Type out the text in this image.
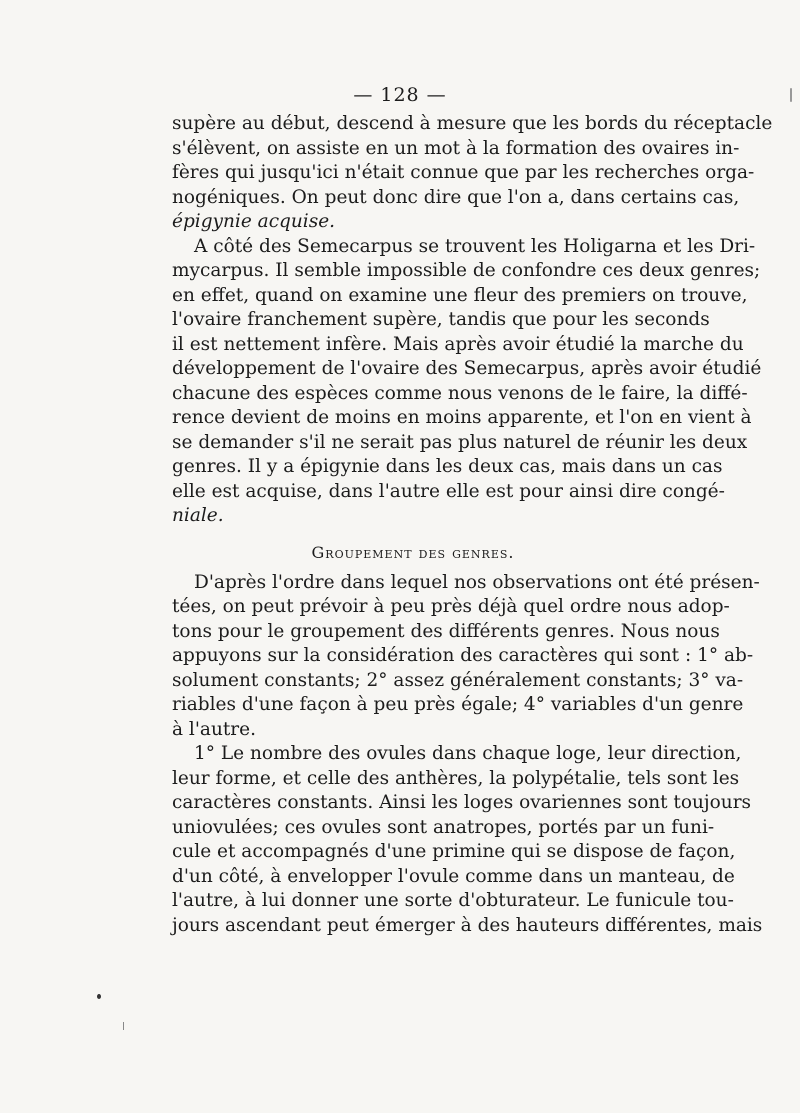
— 128 —
supère au début, descend à mesure que les bords du réceptacle
s'élèvent, on assiste en un mot à la formation des ovaires in-
fères qui jusqu'ici n'était connue que par les recherches orga-
nogéniques. On peut donc dire que l'on a, dans certains cas,
épigynie acquise.
A côté des Semecarpus se trouvent les Holigarna et les Dri-
mycarpus. Il semble impossible de confondre ces deux genres;
en effet, quand on examine une fleur des premiers on trouve,
l'ovaire franchement supère, tandis que pour les seconds
il est nettement infère. Mais après avoir étudié la marche du
développement de l'ovaire des Semecarpus, après avoir étudié
chacune des espèces comme nous venons de le faire, la diffé-
rence devient de moins en moins apparente, et l'on en vient à
se demander s'il ne serait pas plus naturel de réunir les deux
genres. Il y a épigynie dans les deux cas, mais dans un cas
elle est acquise, dans l'autre elle est pour ainsi dire congé-
niale.
Groupement des genres.
D'après l'ordre dans lequel nos observations ont été présen-
tées, on peut prévoir à peu près déjà quel ordre nous adop-
tons pour le groupement des différents genres. Nous nous
appuyons sur la considération des caractères qui sont : 1° ab-
solument constants; 2° assez généralement constants; 3° va-
riables d'une façon à peu près égale; 4° variables d'un genre
à l'autre.
1° Le nombre des ovules dans chaque loge, leur direction,
leur forme, et celle des anthères, la polypétalie, tels sont les
caractères constants. Ainsi les loges ovariennes sont toujours
uniovulées; ces ovules sont anatropes, portés par un funi-
cule et accompagnés d'une primine qui se dispose de façon,
d'un côté, à envelopper l'ovule comme dans un manteau, de
l'autre, à lui donner une sorte d'obturateur. Le funicule tou-
jours ascendant peut émerger à des hauteurs différentes, mais
